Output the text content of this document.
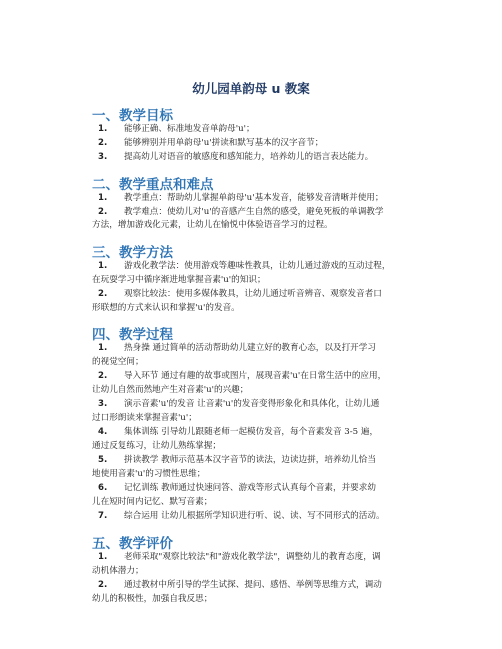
幼儿园单韵母 u 教案
一、教学目标
1. 能够正确、标准地发音单韵母'u'；
2. 能够辨别并用单韵母'u'拼读和默写基本的汉字音节；
3. 提高幼儿对语音的敏感度和感知能力，培养幼儿的语言表达能力。
二、教学重点和难点
1. 教学重点：帮助幼儿掌握单韵母'u'基本发音，能够发音清晰并使用；
2. 教学难点：使幼儿对'u'的音感产生自然的感受，避免死板的单调教学
方法，增加游戏化元素，让幼儿在愉悦中体验语音学习的过程。
三、教学方法
1. 游戏化教学法：使用游戏等趣味性教具，让幼儿通过游戏的互动过程，
在玩耍学习中循序渐进地掌握音素'u'的知识；
2. 观察比较法：使用多媒体教具，让幼儿通过听音辨音、观察发音者口
形联想的方式来认识和掌握'u'的发音。
四、教学过程
1. 热身操 通过简单的活动帮助幼儿建立好的教育心态，以及打开学习
的视觉空间；
2. 导入环节 通过有趣的故事或图片，展现音素'u'在日常生活中的应用，
让幼儿自然而然地产生对音素'u'的兴趣；
3. 演示音素'u'的发音 让音素'u'的发音变得形象化和具体化，让幼儿通
过口形朗读来掌握音素'u'；
4. 集体训练 引导幼儿跟随老师一起模仿发音，每个音素发音 3-5 遍，
通过反复练习，让幼儿熟练掌握；
5. 拼读教学 教师示范基本汉字音节的读法，边读边拼，培养幼儿恰当
地使用音素'u'的习惯性思维；
6. 记忆训练 教师通过快速问答、游戏等形式认真每个音素，并要求幼
儿在短时间内记忆、默写音素；
7. 综合运用 让幼儿根据所学知识进行听、说、读、写不同形式的活动。
五、教学评价
1. 老师采取"观察比较法"和"游戏化教学法"，调整幼儿的教育态度，调
动机体潜力；
2. 通过教材中所引导的学生试探、提问、感悟、举例等思维方式，调动
幼儿的积极性，加强自我反思；
